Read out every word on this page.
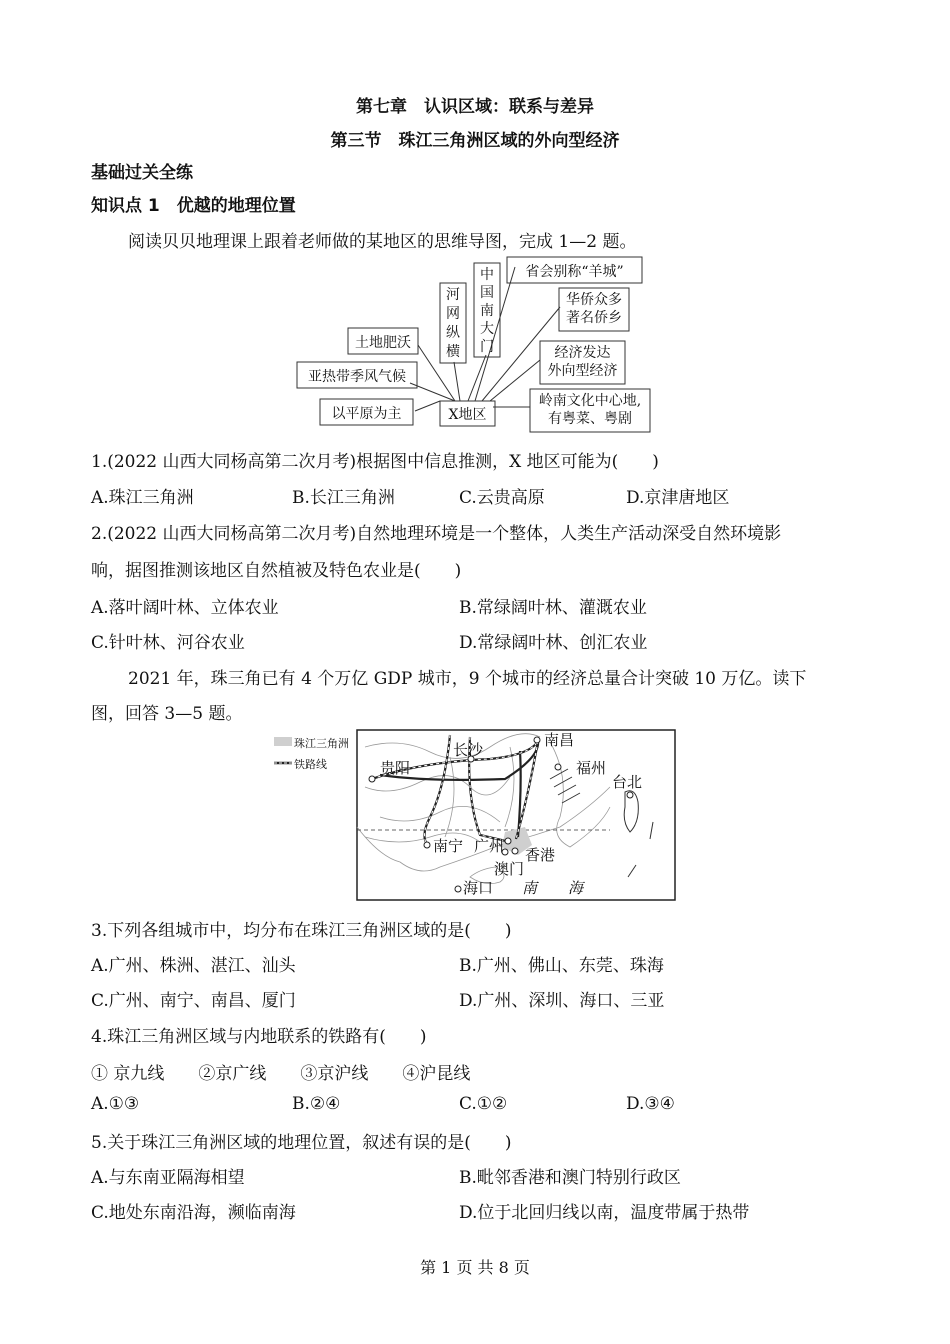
第七章　认识区域：联系与差异
第三节　珠江三角洲区域的外向型经济
基础过关全练
知识点 1　优越的地理位置
阅读贝贝地理课上跟着老师做的某地区的思维导图，完成 1—2 题。
X地区
以平原为主
亚热带季风气候
土地肥沃
河
网
纵
横
中
国
南
大
门
省会别称“羊城”
华侨众多
著名侨乡
经济发达
外向型经济
岭南文化中心地,
有粤菜、粤剧
1.(2022 山西大同杨高第二次月考)根据图中信息推测，X 地区可能为(　　)
A.珠江三角洲	B.长江三角洲	C.云贵高原	D.京津唐地区
2.(2022 山西大同杨高第二次月考)自然地理环境是一个整体，人类生产活动深受自然环境影
响，据图推测该地区自然植被及特色农业是(　　)
A.落叶阔叶林、立体农业	B.常绿阔叶林、灌溉农业
C.针叶林、河谷农业	D.常绿阔叶林、创汇农业
2021 年，珠三角已有 4 个万亿 GDP 城市，9 个城市的经济总量合计突破 10 万亿。读下
图，回答 3—5 题。
珠江三角洲
铁路线
长沙
南昌
贵阳	福州
台北
南宁 广州 香港
澳门
海口 南　海
3.下列各组城市中，均分布在珠江三角洲区域的是(　　)
A.广州、株洲、湛江、汕头	B.广州、佛山、东莞、珠海
C.广州、南宁、南昌、厦门	D.广州、深圳、海口、三亚
4.珠江三角洲区域与内地联系的铁路有(　　)
① 京九线　　②京广线　　③京沪线　　④沪昆线
A.①③	B.②④	C.①②	D.③④
5.关于珠江三角洲区域的地理位置，叙述有误的是(　　)
A.与东南亚隔海相望	B.毗邻香港和澳门特别行政区
C.地处东南沿海，濒临南海	D.位于北回归线以南，温度带属于热带
第 1 页 共 8 页
